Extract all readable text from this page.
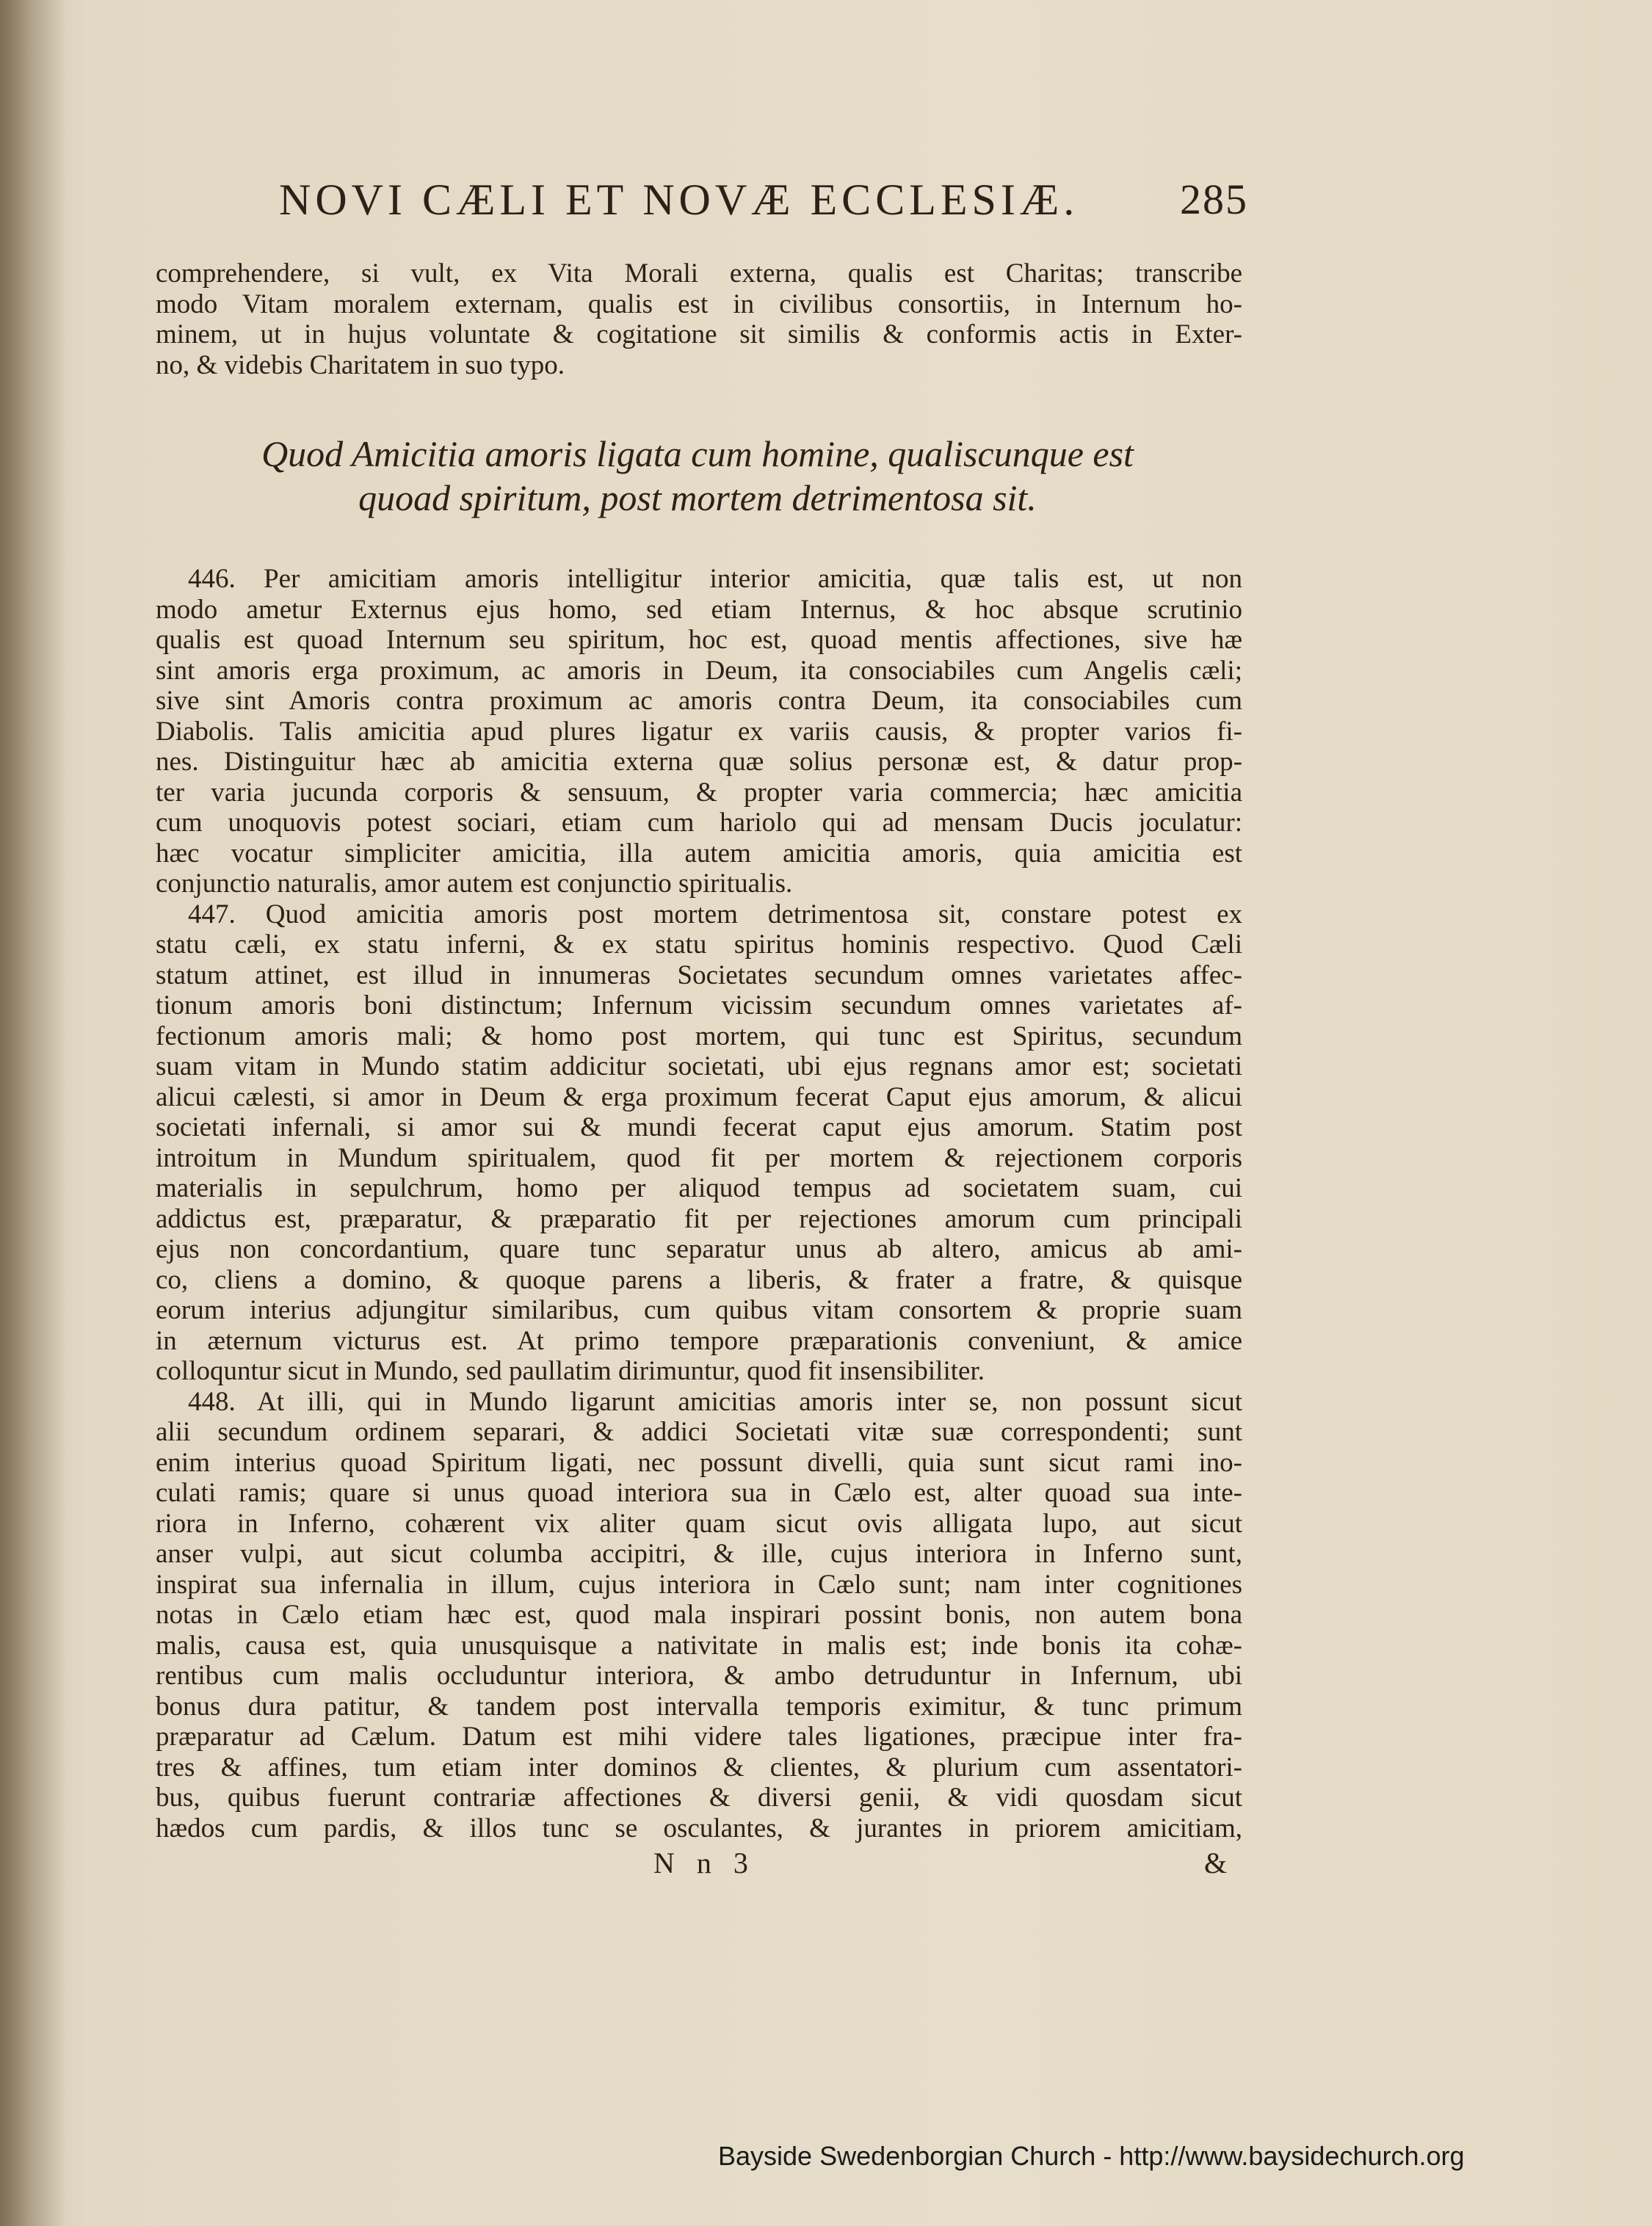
NOVI CÆLI ET NOVÆ ECCLESIÆ. 285
comprehendere, si vult, ex Vita Morali externa, qualis est Charitas; transcribe
modo Vitam moralem externam, qualis est in civilibus consortiis, in Internum ho-
minem, ut in hujus voluntate & cogitatione sit similis & conformis actis in Exter-
no, & videbis Charitatem in suo typo.
Quod Amicitia amoris ligata cum homine, qualiscunque est
quoad spiritum, post mortem detrimentosa sit.
446. Per amicitiam amoris intelligitur interior amicitia, quæ talis est, ut non
modo ametur Externus ejus homo, sed etiam Internus, & hoc absque scrutinio
qualis est quoad Internum seu spiritum, hoc est, quoad mentis affectiones, sive hæ
sint amoris erga proximum, ac amoris in Deum, ita consociabiles cum Angelis cæli;
sive sint Amoris contra proximum ac amoris contra Deum, ita consociabiles cum
Diabolis. Talis amicitia apud plures ligatur ex variis causis, & propter varios fi-
nes. Distinguitur hæc ab amicitia externa quæ solius personæ est, & datur prop-
ter varia jucunda corporis & sensuum, & propter varia commercia; hæc amicitia
cum unoquovis potest sociari, etiam cum hariolo qui ad mensam Ducis joculatur:
hæc vocatur simpliciter amicitia, illa autem amicitia amoris, quia amicitia est
conjunctio naturalis, amor autem est conjunctio spiritualis.
447. Quod amicitia amoris post mortem detrimentosa sit, constare potest ex
statu cæli, ex statu inferni, & ex statu spiritus hominis respectivo. Quod Cæli
statum attinet, est illud in innumeras Societates secundum omnes varietates affec-
tionum amoris boni distinctum; Infernum vicissim secundum omnes varietates af-
fectionum amoris mali; & homo post mortem, qui tunc est Spiritus, secundum
suam vitam in Mundo statim addicitur societati, ubi ejus regnans amor est; societati
alicui cælesti, si amor in Deum & erga proximum fecerat Caput ejus amorum, & alicui
societati infernali, si amor sui & mundi fecerat caput ejus amorum. Statim post
introitum in Mundum spiritualem, quod fit per mortem & rejectionem corporis
materialis in sepulchrum, homo per aliquod tempus ad societatem suam, cui
addictus est, præparatur, & præparatio fit per rejectiones amorum cum principali
ejus non concordantium, quare tunc separatur unus ab altero, amicus ab ami-
co, cliens a domino, & quoque parens a liberis, & frater a fratre, & quisque
eorum interius adjungitur similaribus, cum quibus vitam consortem & proprie suam
in æternum victurus est. At primo tempore præparationis conveniunt, & amice
colloquntur sicut in Mundo, sed paullatim dirimuntur, quod fit insensibiliter.
448. At illi, qui in Mundo ligarunt amicitias amoris inter se, non possunt sicut
alii secundum ordinem separari, & addici Societati vitæ suæ correspondenti; sunt
enim interius quoad Spiritum ligati, nec possunt divelli, quia sunt sicut rami ino-
culati ramis; quare si unus quoad interiora sua in Cælo est, alter quoad sua inte-
riora in Inferno, cohærent vix aliter quam sicut ovis alligata lupo, aut sicut
anser vulpi, aut sicut columba accipitri, & ille, cujus interiora in Inferno sunt,
inspirat sua infernalia in illum, cujus interiora in Cælo sunt; nam inter cognitiones
notas in Cælo etiam hæc est, quod mala inspirari possint bonis, non autem bona
malis, causa est, quia unusquisque a nativitate in malis est; inde bonis ita cohæ-
rentibus cum malis occluduntur interiora, & ambo detruduntur in Infernum, ubi
bonus dura patitur, & tandem post intervalla temporis eximitur, & tunc primum
præparatur ad Cælum. Datum est mihi videre tales ligationes, præcipue inter fra-
tres & affines, tum etiam inter dominos & clientes, & plurium cum assentatori-
bus, quibus fuerunt contrariæ affectiones & diversi genii, & vidi quosdam sicut
hædos cum pardis, & illos tunc se osculantes, & jurantes in priorem amicitiam,
N n 3	&
Bayside Swedenborgian Church - http://www.baysidechurch.org
